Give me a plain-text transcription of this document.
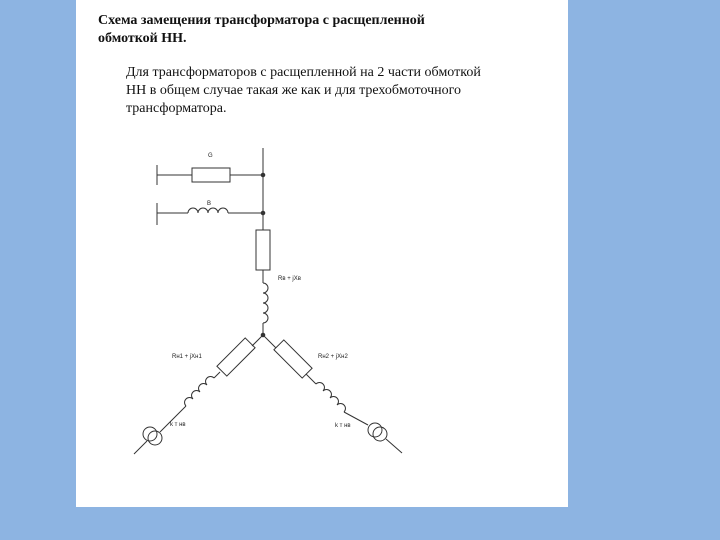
Схема замещения трансформатора с расщепленной
обмоткой НН.

Для трансформаторов с расщепленной на 2 части обмоткой
НН в общем случае такая же как и для трехобмоточного
трансформатора.

G
B
Rв + jXв
Rн1 + jXн1	Rн2 + jXн2
k т нв	k т нв
